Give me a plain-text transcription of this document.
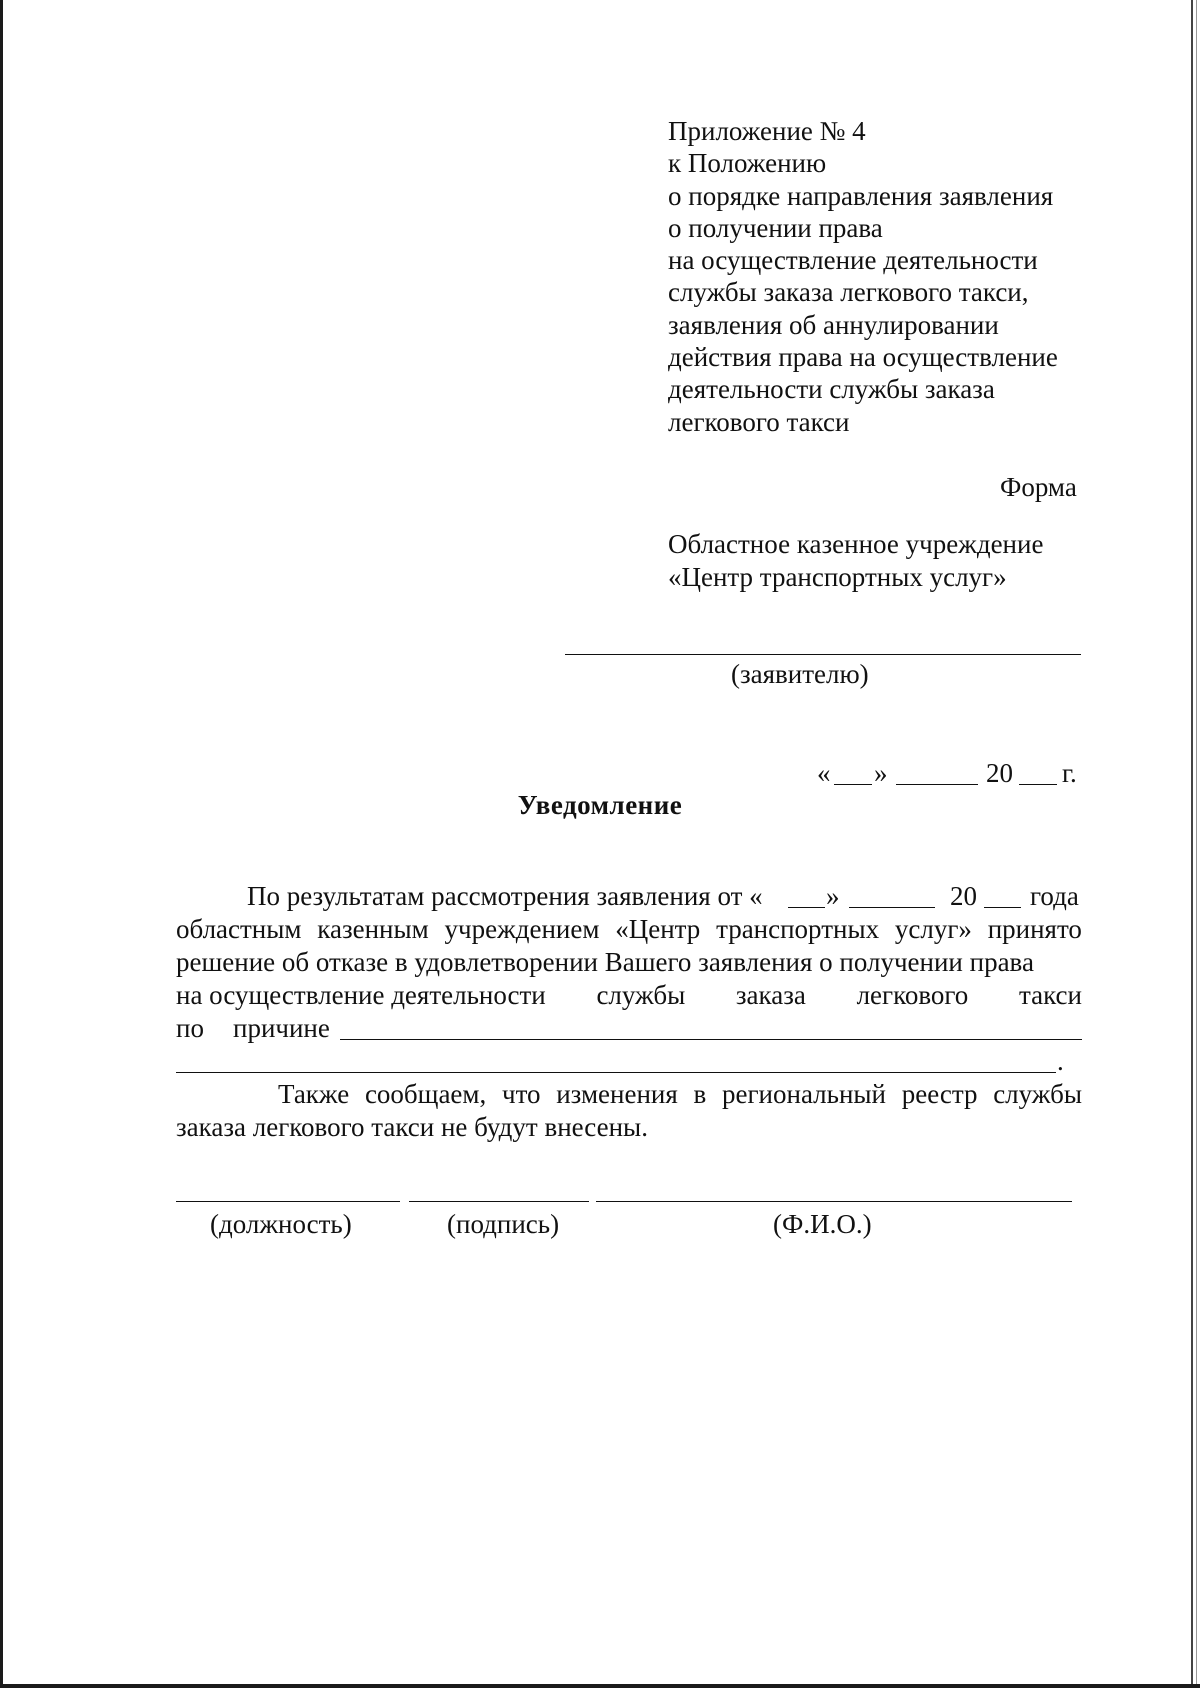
Приложение № 4
к Положению
о порядке направления заявления
о получении права
на осуществление деятельности
службы заказа легкового такси,
заявления об аннулировании
действия права на осуществление
деятельности службы заказа
легкового такси
Форма
Областное казенное учреждение
«Центр транспортных услуг»
(заявителю)
« »	20 г.
Уведомление
По результатам рассмотрения заявления от « »	20 года
областным казенным учреждением «Центр транспортных услуг» принято
решение об отказе в удовлетворении Вашего заявления о получении права
на осуществление деятельности службы заказа легкового такси
по причине
.
Также сообщаем, что изменения в региональный реестр службы
заказа легкового такси не будут внесены.
(должность)	(подпись)	(Ф.И.О.)
